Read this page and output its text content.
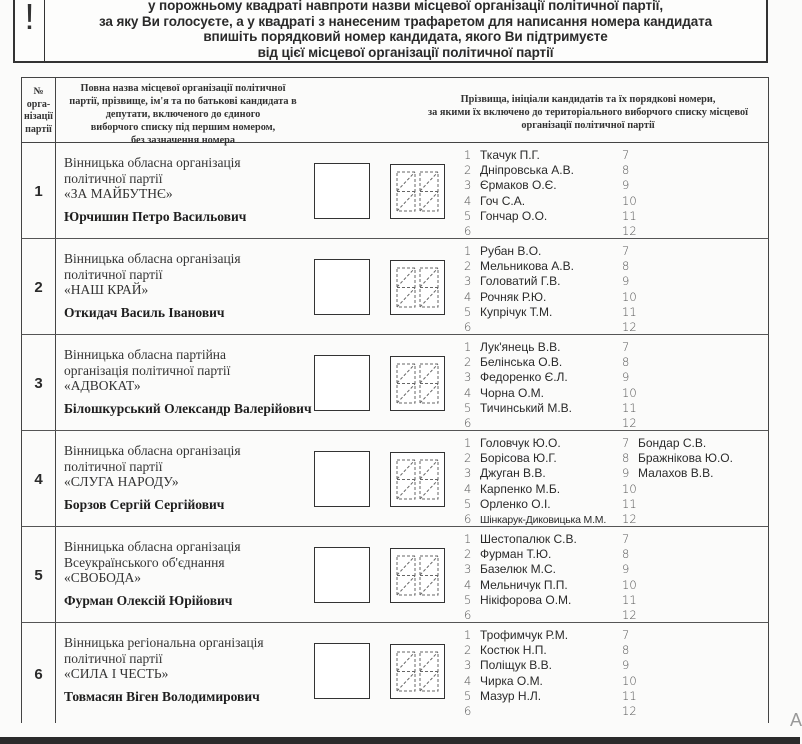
!	у порожньому квадраті навпроти назви місцевої організації політичної партії,
за яку Ви голосуєте, а у квадраті з нанесеним трафаретом для написання номера кандидата
впишіть порядковий номер кандидата, якого Ви підтримуєте
від цієї місцевої організації політичної партії
№
орга-
нізації
партії
Повна назва місцевої організації політичної
партії, прізвище, ім'я та по батькові кандидата в
депутати, включеного до єдиного
виборчого списку під першим номером,
без зазначення номера
Прізвища, ініціали кандидатів та їх порядкові номери,
за якими їх включено до територіального виборчого списку місцевої
організації політичної партії
1
Вінницька обласна організація
політичної партії
«ЗА МАЙБУТНЄ»
Юрчишин Петро Васильович
1 Ткачук П.Г.
2 Дніпровська А.В.
3 Єрмаков О.Є.
4 Гоч С.А.
5 Гончар О.О.
6
7
8
9
10
11
12
2
Вінницька обласна організація
політичної партії
«НАШ КРАЙ»
Откидач Василь Іванович
1 Рубан В.О.
2 Мельникова А.В.
3 Головатий Г.В.
4 Рочняк Р.Ю.
5 Купрічук Т.М.
6
7
8
9
10
11
12
3
Вінницька обласна партійна
організація політичної партії
«АДВОКАТ»
Білошкурський Олександр Валерійович
1 Лук'янець В.В.
2 Белінська О.В.
3 Федоренко Є.Л.
4 Чорна О.М.
5 Тичинський М.В.
6
7
8
9
10
11
12
4
Вінницька обласна організація
політичної партії
«СЛУГА НАРОДУ»
Борзов Сергій Сергійович
1 Головчук Ю.О.
2 Борісова Ю.Г.
3 Джуган В.В.
4 Карпенко М.Б.
5 Орленко О.І.
6 Шінкарук-Диковицька М.М.
7 Бондар С.В.
8 Бражнікова Ю.О.
9 Малахов В.В.
10
11
12
5
Вінницька обласна організація
Всеукраїнського об'єднання
«СВОБОДА»
Фурман Олексій Юрійович
1 Шестопалюк С.В.
2 Фурман Т.Ю.
3 Базелюк М.С.
4 Мельничук П.П.
5 Нікіфорова О.М.
6
7
8
9
10
11
12
6
Вінницька регіональна організація
політичної партії
«СИЛА І ЧЕСТЬ»
Товмасян Віген Володимирович
1 Трофимчук Р.М.
2 Костюк Н.П.
3 Поліщук В.В.
4 Чирка О.М.
5 Мазур Н.Л.
6
7
8
9
10
11
12	А
